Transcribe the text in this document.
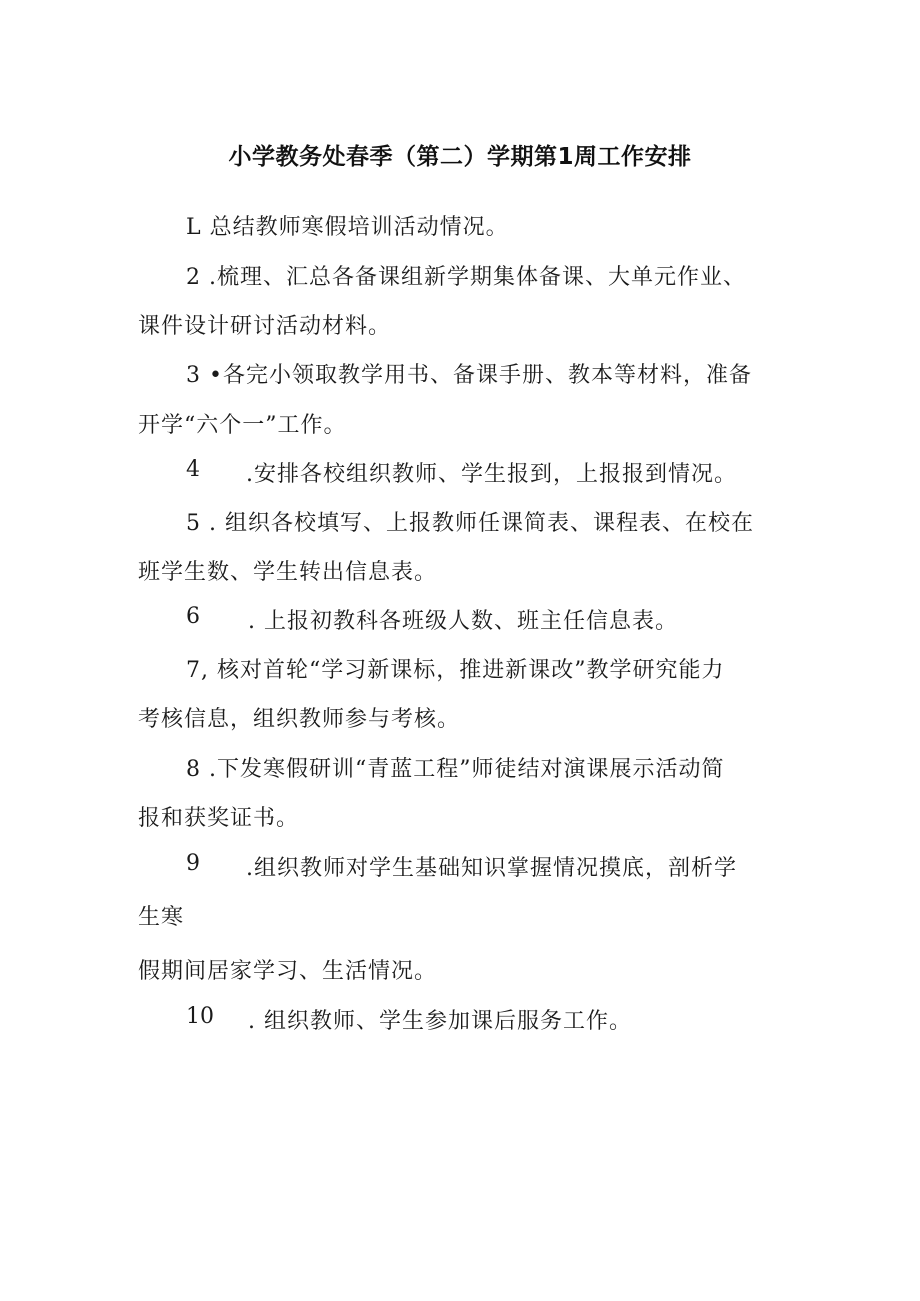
小学教务处春季（第二）学期第1周工作安排
L 总结教师寒假培训活动情况。
2 .梳理、汇总各备课组新学期集体备课、大单元作业、
课件设计研讨活动材料。
3 •各完小领取教学用书、备课手册、教本等材料，准备
开学“六个一”工作。
4 .安排各校组织教师、学生报到，上报报到情况。
5 . 组织各校填写、上报教师任课简表、课程表、在校在
班学生数、学生转出信息表。
6 . 上报初教科各班级人数、班主任信息表。
7, 核对首轮“学习新课标，推进新课改”教学研究能力
考核信息，组织教师参与考核。
8 .下发寒假研训“青蓝工程”师徒结对演课展示活动简
报和获奖证书。
9 .组织教师对学生基础知识掌握情况摸底，剖析学
生寒
假期间居家学习、生活情况。
10 . 组织教师、学生参加课后服务工作。
